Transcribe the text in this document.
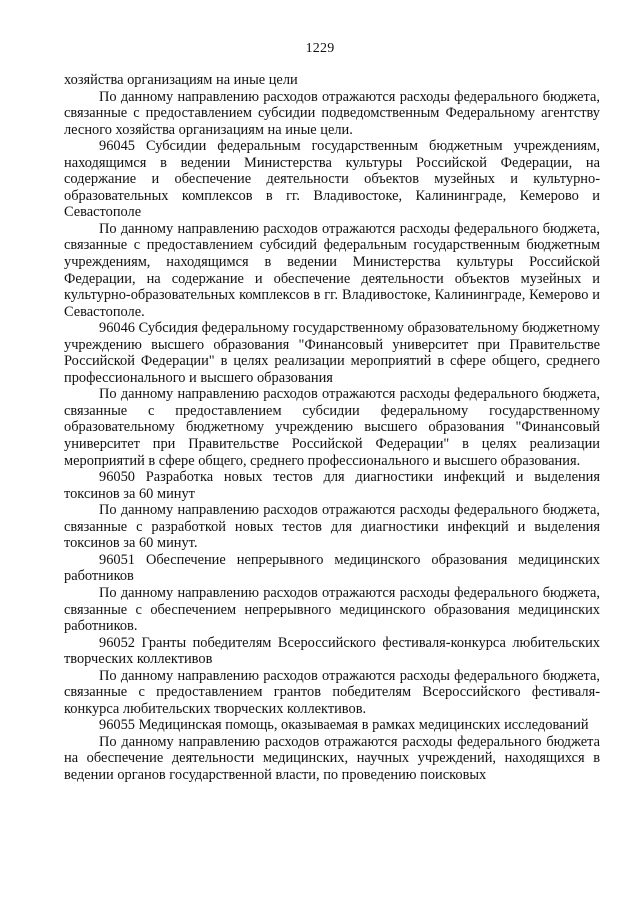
1229

хозяйства организациям на иные цели

По данному направлению расходов отражаются расходы федерального бюджета, связанные с предоставлением субсидии подведомственным Федеральному агентству лесного хозяйства организациям на иные цели.

96045 Субсидии федеральным государственным бюджетным учреждениям, находящимся в ведении Министерства культуры Российской Федерации, на содержание и обеспечение деятельности объектов музейных и культурно-образовательных комплексов в гг. Владивостоке, Калининграде, Кемерово и Севастополе

По данному направлению расходов отражаются расходы федерального бюджета, связанные с предоставлением субсидий федеральным государственным бюджетным учреждениям, находящимся в ведении Министерства культуры Российской Федерации, на содержание и обеспечение деятельности объектов музейных и культурно-образовательных комплексов в гг. Владивостоке, Калининграде, Кемерово и Севастополе.

96046 Субсидия федеральному государственному образовательному бюджетному учреждению высшего образования "Финансовый университет при Правительстве Российской Федерации" в целях реализации мероприятий в сфере общего, среднего профессионального и высшего образования

По данному направлению расходов отражаются расходы федерального бюджета, связанные с предоставлением субсидии федеральному государственному образовательному бюджетному учреждению высшего образования "Финансовый университет при Правительстве Российской Федерации" в целях реализации мероприятий в сфере общего, среднего профессионального и высшего образования.

96050 Разработка новых тестов для диагностики инфекций и выделения токсинов за 60 минут

По данному направлению расходов отражаются расходы федерального бюджета, связанные с разработкой новых тестов для диагностики инфекций и выделения токсинов за 60 минут.

96051 Обеспечение непрерывного медицинского образования медицинских работников

По данному направлению расходов отражаются расходы федерального бюджета, связанные с обеспечением непрерывного медицинского образования медицинских работников.

96052 Гранты победителям Всероссийского фестиваля-конкурса любительских творческих коллективов

По данному направлению расходов отражаются расходы федерального бюджета, связанные с предоставлением грантов победителям Всероссийского фестиваля-конкурса любительских творческих коллективов.

96055 Медицинская помощь, оказываемая в рамках медицинских исследований

По данному направлению расходов отражаются расходы федерального бюджета на обеспечение деятельности медицинских, научных учреждений, находящихся в ведении органов государственной власти, по проведению поисковых
